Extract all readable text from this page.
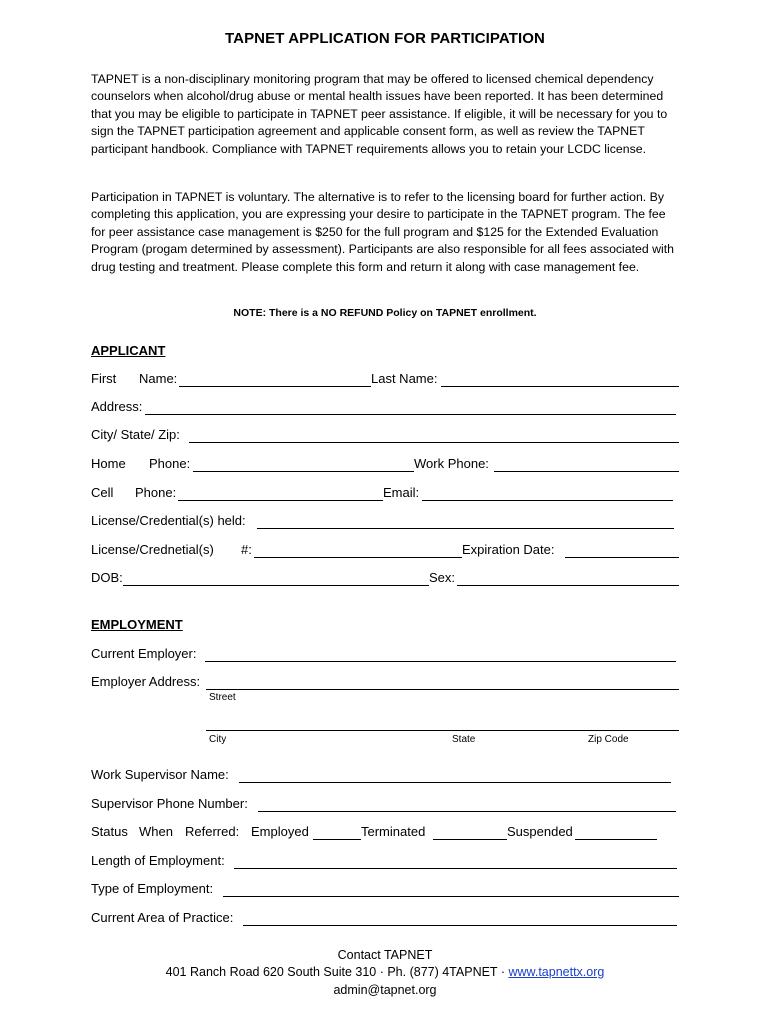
TAPNET APPLICATION FOR PARTICIPATION
TAPNET is a non-disciplinary monitoring program that may be offered to licensed chemical dependency counselors when alcohol/drug abuse or mental health issues have been reported. It has been determined that you may be eligible to participate in TAPNET peer assistance. If eligible, it will be necessary for you to sign the TAPNET participation agreement and applicable consent form, as well as review the TAPNET participant handbook. Compliance with TAPNET requirements allows you to retain your LCDC license.
Participation in TAPNET is voluntary. The alternative is to refer to the licensing board for further action. By completing this application, you are expressing your desire to participate in the TAPNET program. The fee for peer assistance case management is $250 for the full program and $125 for the Extended Evaluation Program (progam determined by assessment). Participants are also responsible for all fees associated with drug testing and treatment. Please complete this form and return it along with case management fee.
NOTE: There is a NO REFUND Policy on TAPNET enrollment.
APPLICANT
First Name:	Last Name:
Address:
City/ State/ Zip:
Home Phone:	Work Phone:
Cell Phone:	Email:
License/Credential(s) held:
License/Crednetial(s) #:	Expiration Date:
DOB:	Sex:
EMPLOYMENT
Current Employer:
Employer Address:
Street
City	State	Zip Code
Work Supervisor Name:
Supervisor Phone Number:
Status When Referred: Employed	Terminated	Suspended
Length of Employment:
Type of Employment:
Current Area of Practice:
Contact TAPNET
401 Ranch Road 620 South Suite 310 · Ph. (877) 4TAPNET · www.tapnettx.org
admin@tapnet.org
